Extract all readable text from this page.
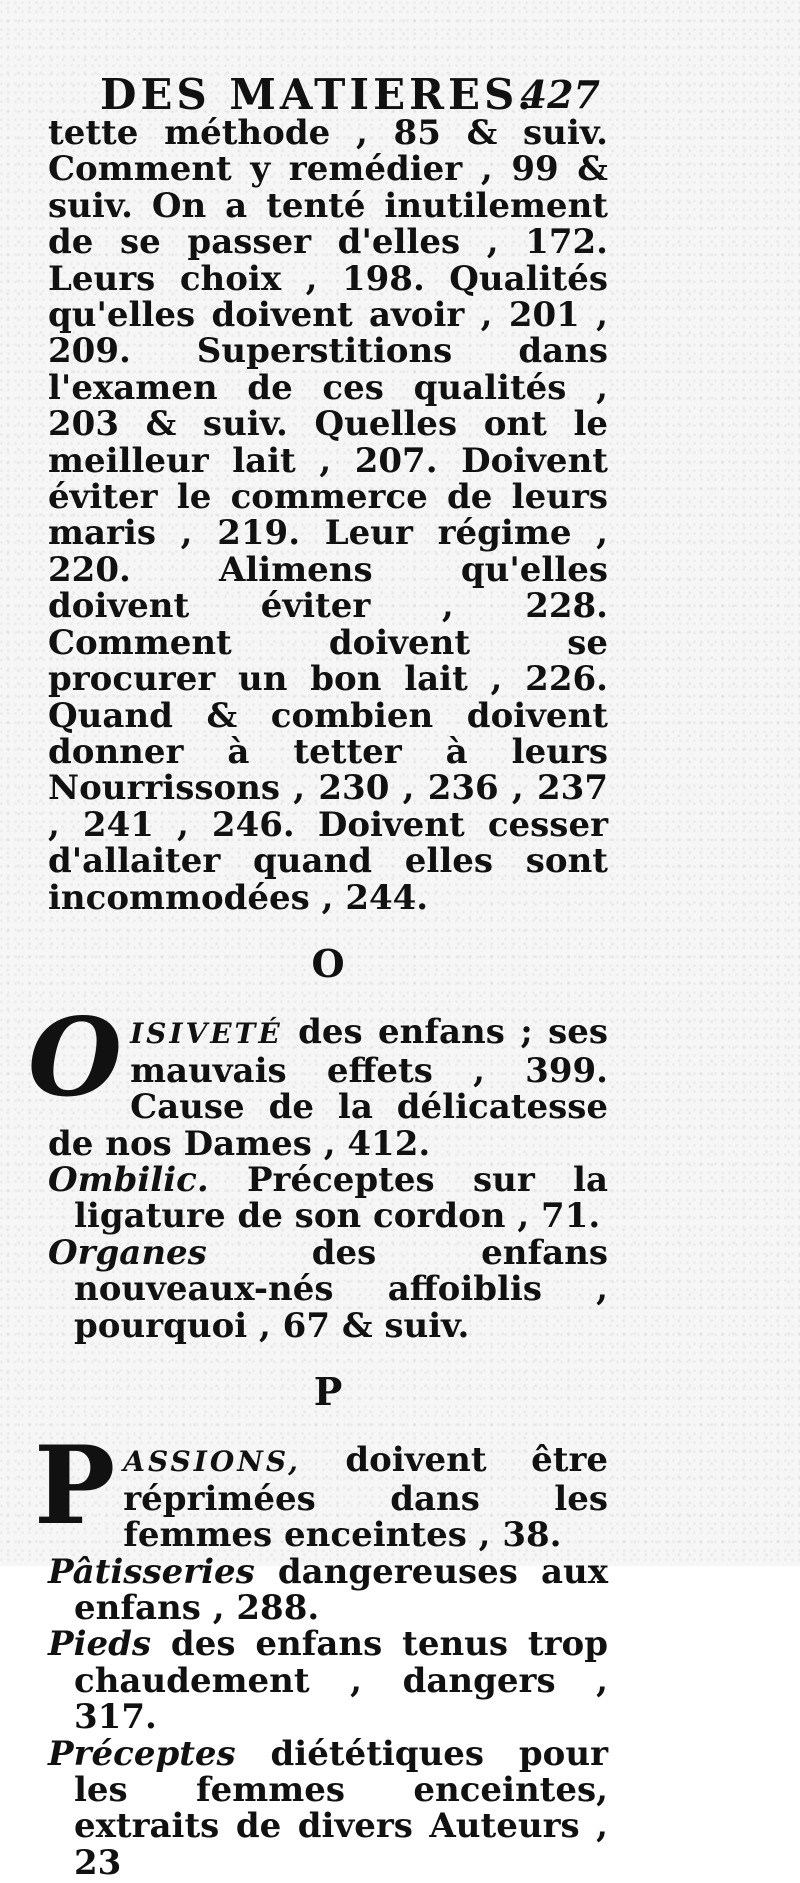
DES MATIERES.
427

tette méthode , 85 & suiv. Comment y remédier , 99 & suiv. On a tenté inutilement de se passer d'elles , 172. Leurs choix , 198. Qualités qu'elles doivent avoir , 201 , 209. Superstitions dans l'examen de ces qualités , 203 & suiv. Quelles ont le meilleur lait , 207. Doivent éviter le commerce de leurs maris , 219. Leur régime , 220. Alimens qu'elles doivent éviter , 228. Comment doivent se procurer un bon lait , 226. Quand & combien doivent donner à tetter à leurs Nourrissons , 230 , 236 , 237 , 241 , 246. Doivent cesser d'allaiter quand elles sont incommodées , 244.

O

O ISIVETÉ des enfans ; ses mauvais effets , 399. Cause de la délicatesse de nos Dames , 412.

Ombilic. Préceptes sur la ligature de son cordon , 71.

Organes des enfans nouveaux-nés affoiblis , pourquoi , 67 & suiv.

P

P ASSIONS, doivent être réprimées dans les femmes enceintes , 38.

Pâtisseries dangereuses aux enfans , 288.

Pieds des enfans tenus trop chaudement , dangers , 317.

Préceptes diététiques pour les femmes enceintes, extraits de divers Auteurs , 23
